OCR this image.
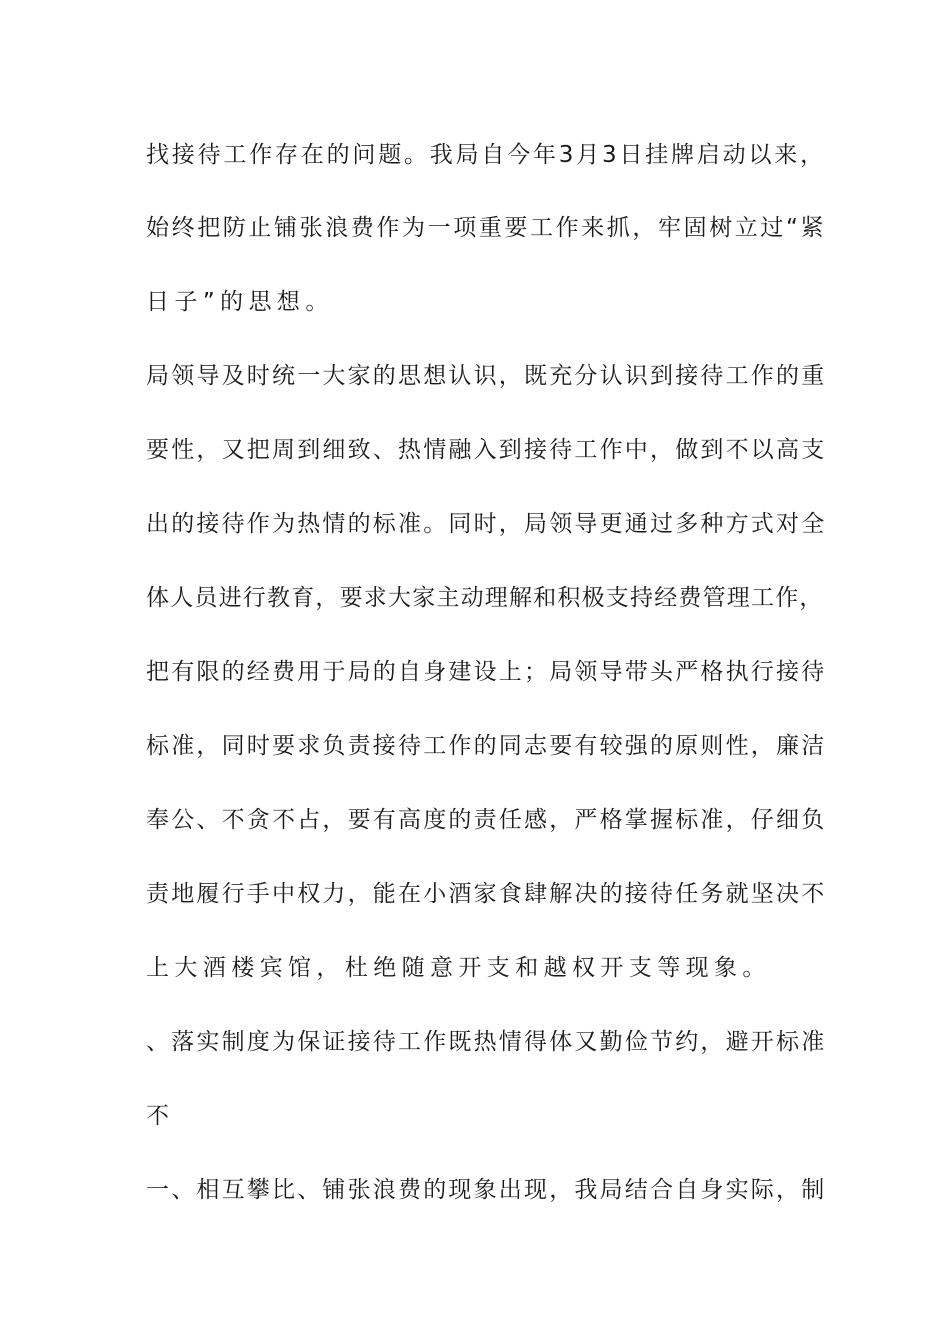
找接待工作存在的问题。我局自今年3月3日挂牌启动以来，
始终把防止铺张浪费作为一项重要工作来抓，牢固树立过“紧
日子”的思想。
局领导及时统一大家的思想认识，既充分认识到接待工作的重
要性，又把周到细致、热情融入到接待工作中，做到不以高支
出的接待作为热情的标准。同时，局领导更通过多种方式对全
体人员进行教育，要求大家主动理解和积极支持经费管理工作，
把有限的经费用于局的自身建设上；局领导带头严格执行接待
标准，同时要求负责接待工作的同志要有较强的原则性，廉洁
奉公、不贪不占，要有高度的责任感，严格掌握标准，仔细负
责地履行手中权力，能在小酒家食肆解决的接待任务就坚决不
上大酒楼宾馆，杜绝随意开支和越权开支等现象。
、落实制度为保证接待工作既热情得体又勤俭节约，避开标准
不
一、相互攀比、铺张浪费的现象出现，我局结合自身实际，制
